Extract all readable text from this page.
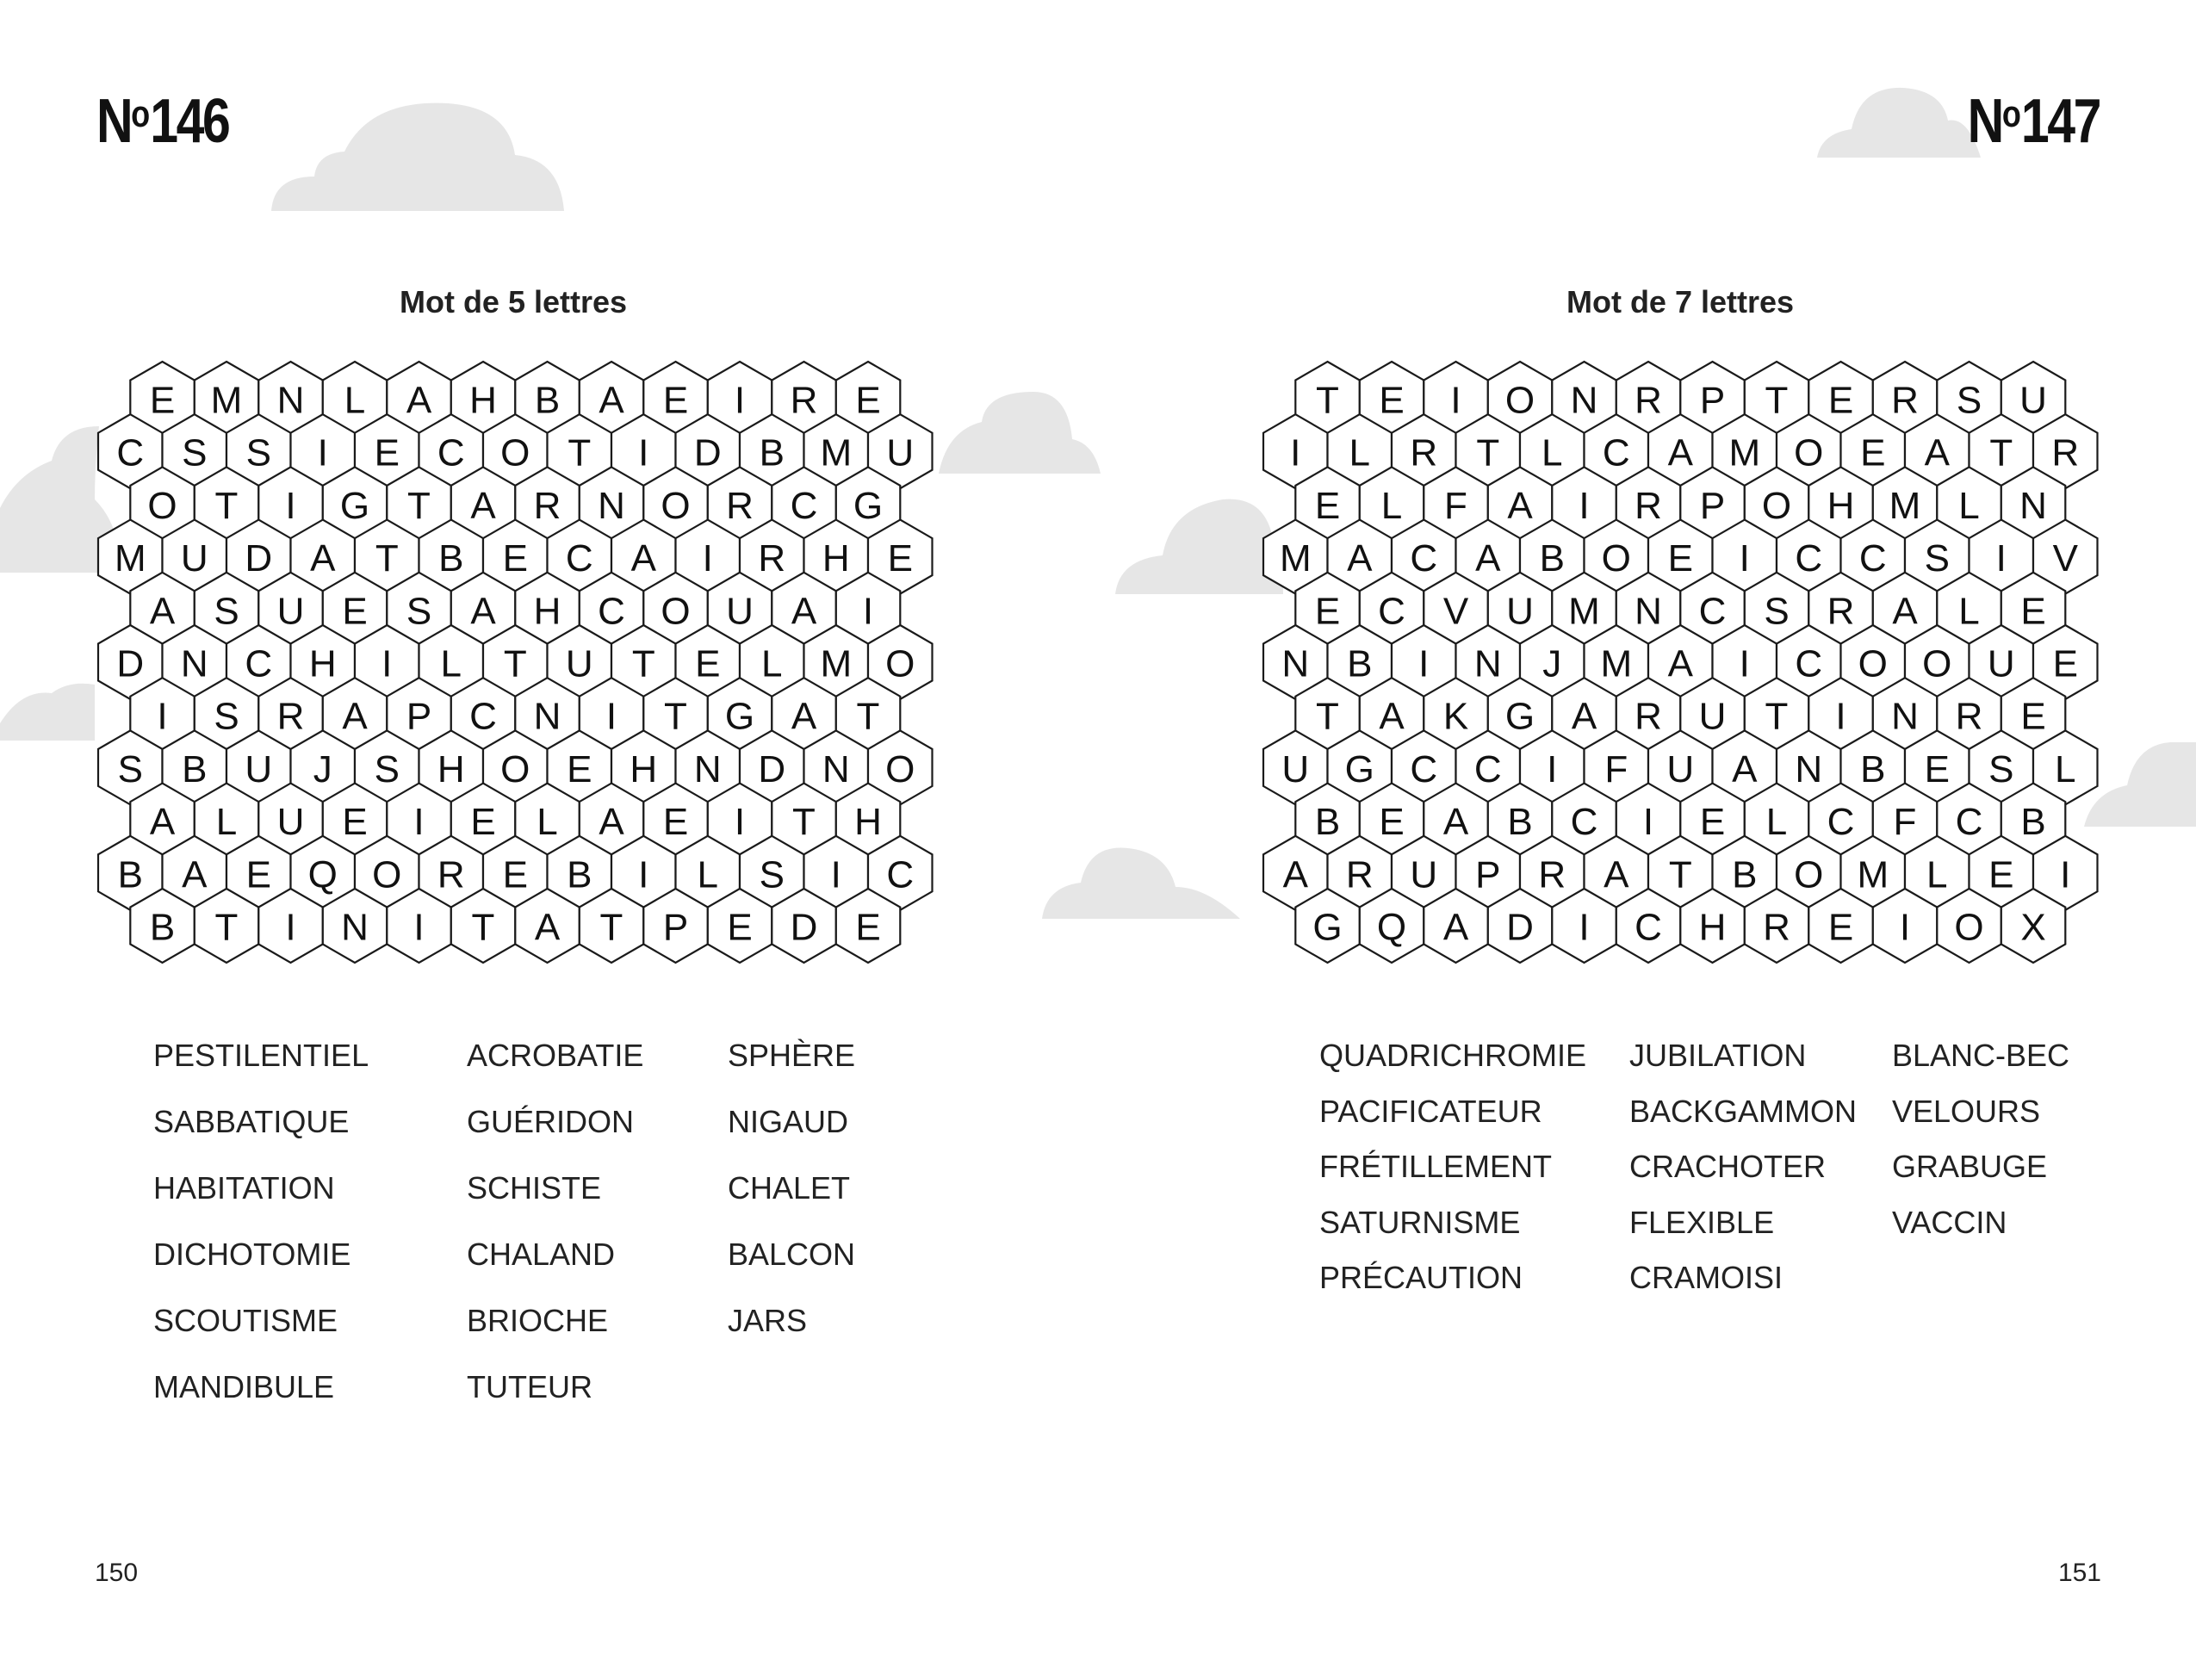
$N^o146$
Mot de 5 lettres
E M N L A H B A E I R E
C S S I E C O T I D B M U
O T I G T A R N O R C G
M U D A T B E C A I R H E
A S U E S A H C O U A I
D N C H I L T U T E L M O
I S R A P C N I T G A T
S B U J S H O E H N D N O
A L U E I E L A E I T H
B A E Q O R E B I L S I C
B T I N I T A T P E D E
PESTILENTIEL
SABBATIQUE
HABITATION
DICHOTOMIE
SCOUTISME
MANDIBULE
ACROBATIE
GUÉRIDON
SCHISTE
CHALAND
BRIOCHE
TUTEUR
SPHÈRE
NIGAUD
CHALET
BALCON
JARS
150
$N^o147$
Mot de 7 lettres
T E I O N R P T E R S U
I L R T L C A M O E A T R
E L F A I R P O H M L N
M A C A B O E I C C S I V
E C V U M N C S R A L E
N B I N J M A I C O O U E
T A K G A R U T I N R E
U G C C I F U A N B E S L
B E A B C I E L C F C B
A R U P R A T B O M L E I
G Q A D I C H R E I O X
QUADRICHROMIE
PACIFICATEUR
FRÉTILLEMENT
SATURNISME
PRÉCAUTION
JUBILATION
BACKGAMMON
CRACHOTER
FLEXIBLE
CRAMOISI
BLANC-BEC
VELOURS
GRABUGE
VACCIN
151
